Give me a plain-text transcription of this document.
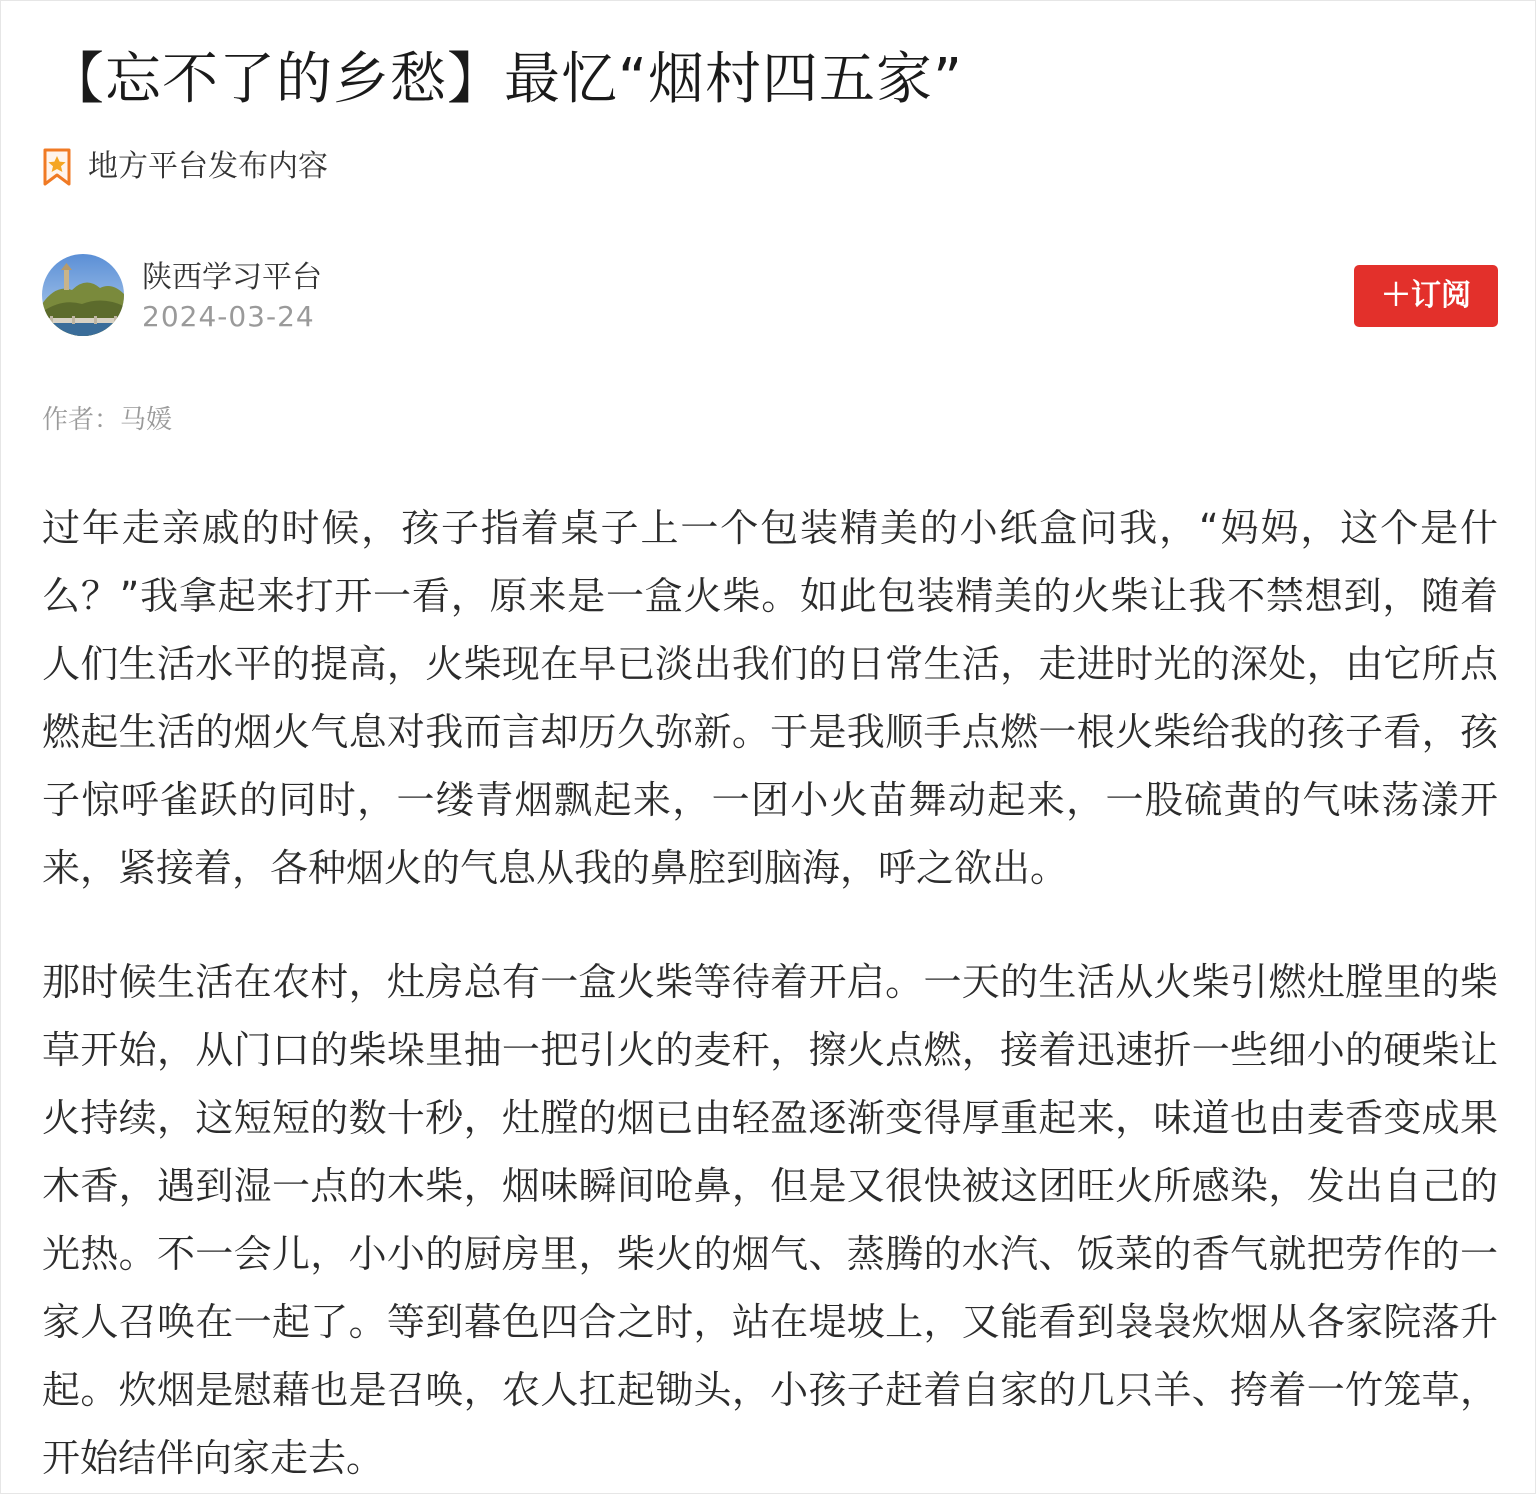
【忘不了的乡愁】最忆“烟村四五家”
地方平台发布内容
陕西学习平台
2024-03-24
＋订阅
作者：马媛

过年走亲戚的时候，孩子指着桌子上一个包装精美的小纸盒问我，“妈妈，这个是什么？”我拿起来打开一看，原来是一盒火柴。如此包装精美的火柴让我不禁想到，随着人们生活水平的提高，火柴现在早已淡出我们的日常生活，走进时光的深处，由它所点燃起生活的烟火气息对我而言却历久弥新。于是我顺手点燃一根火柴给我的孩子看，孩子惊呼雀跃的同时，一缕青烟飘起来，一团小火苗舞动起来，一股硫黄的气味荡漾开来，紧接着，各种烟火的气息从我的鼻腔到脑海，呼之欲出。

那时候生活在农村，灶房总有一盒火柴等待着开启。一天的生活从火柴引燃灶膛里的柴草开始，从门口的柴垛里抽一把引火的麦秆，擦火点燃，接着迅速折一些细小的硬柴让火持续，这短短的数十秒，灶膛的烟已由轻盈逐渐变得厚重起来，味道也由麦香变成果木香，遇到湿一点的木柴，烟味瞬间呛鼻，但是又很快被这团旺火所感染，发出自己的光热。不一会儿，小小的厨房里，柴火的烟气、蒸腾的水汽、饭菜的香气就把劳作的一家人召唤在一起了。等到暮色四合之时，站在堤坡上，又能看到袅袅炊烟从各家院落升起。炊烟是慰藉也是召唤，农人扛起锄头，小孩子赶着自家的几只羊、挎着一竹笼草，开始结伴向家走去。
